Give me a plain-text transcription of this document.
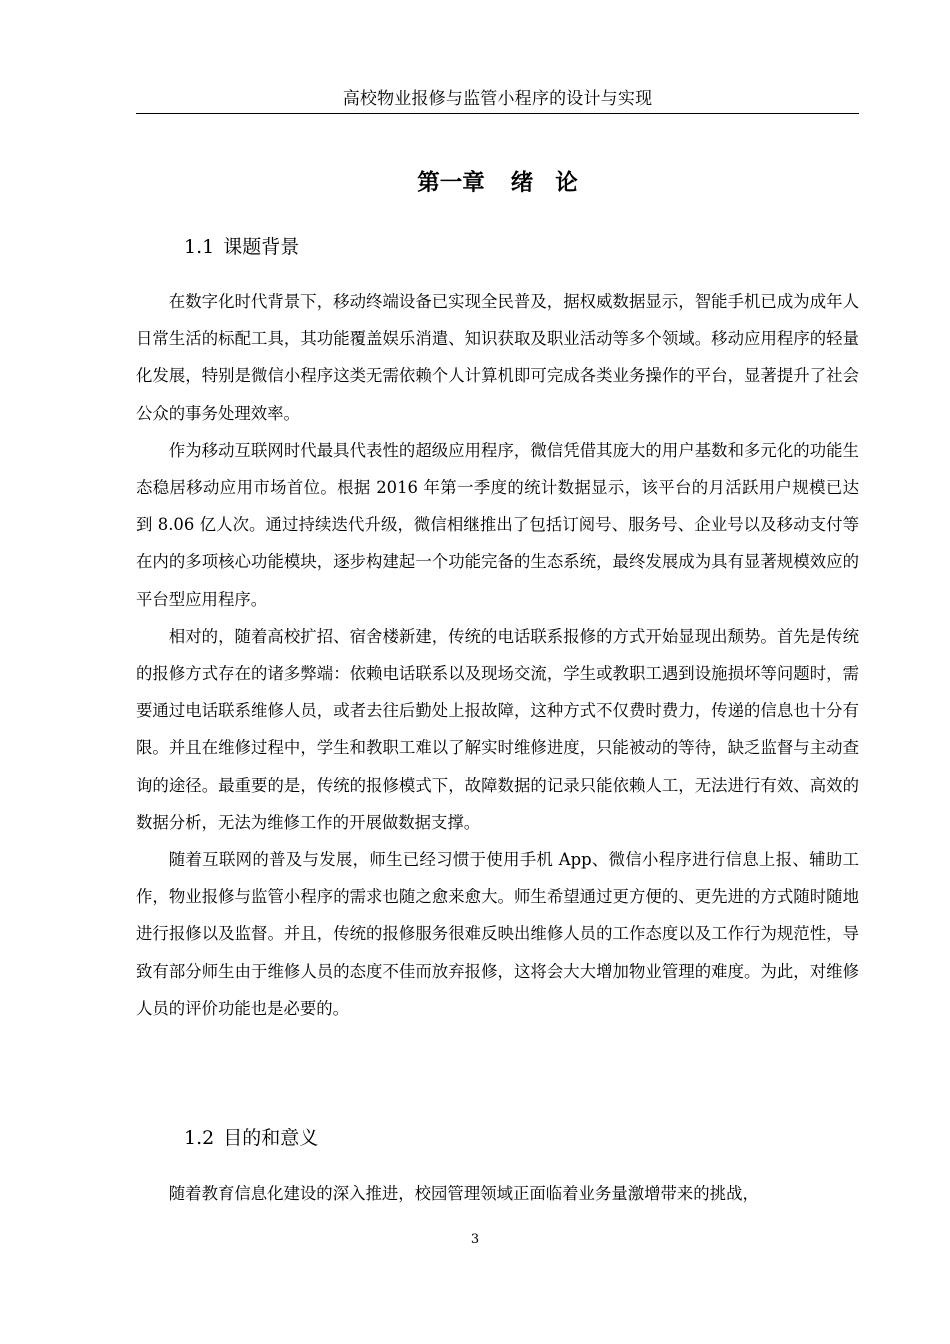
高校物业报修与监管小程序的设计与实现
第一章 绪 论
1.1 课题背景

在数字化时代背景下，移动终端设备已实现全民普及，据权威数据显示，智能手机已成为成年人日常生活的标配工具，其功能覆盖娱乐消遣、知识获取及职业活动等多个领域。移动应用程序的轻量化发展，特别是微信小程序这类无需依赖个人计算机即可完成各类业务操作的平台，显著提升了社会公众的事务处理效率。

作为移动互联网时代最具代表性的超级应用程序，微信凭借其庞大的用户基数和多元化的功能生态稳居移动应用市场首位。根据 2016 年第一季度的统计数据显示，该平台的月活跃用户规模已达到 8.06 亿人次。通过持续迭代升级，微信相继推出了包括订阅号、服务号、企业号以及移动支付等在内的多项核心功能模块，逐步构建起一个功能完备的生态系统，最终发展成为具有显著规模效应的平台型应用程序。

相对的，随着高校扩招、宿舍楼新建，传统的电话联系报修的方式开始显现出颓势。首先是传统的报修方式存在的诸多弊端：依赖电话联系以及现场交流，学生或教职工遇到设施损坏等问题时，需要通过电话联系维修人员，或者去往后勤处上报故障，这种方式不仅费时费力，传递的信息也十分有限。并且在维修过程中，学生和教职工难以了解实时维修进度，只能被动的等待，缺乏监督与主动查询的途径。最重要的是，传统的报修模式下，故障数据的记录只能依赖人工，无法进行有效、高效的数据分析，无法为维修工作的开展做数据支撑。

随着互联网的普及与发展，师生已经习惯于使用手机 App、微信小程序进行信息上报、辅助工作，物业报修与监管小程序的需求也随之愈来愈大。师生希望通过更方便的、更先进的方式随时随地进行报修以及监督。并且，传统的报修服务很难反映出维修人员的工作态度以及工作行为规范性，导致有部分师生由于维修人员的态度不佳而放弃报修，这将会大大增加物业管理的难度。为此，对维修人员的评价功能也是必要的。

1.2 目的和意义

随着教育信息化建设的深入推进，校园管理领域正面临着业务量激增带来的挑战，

3
